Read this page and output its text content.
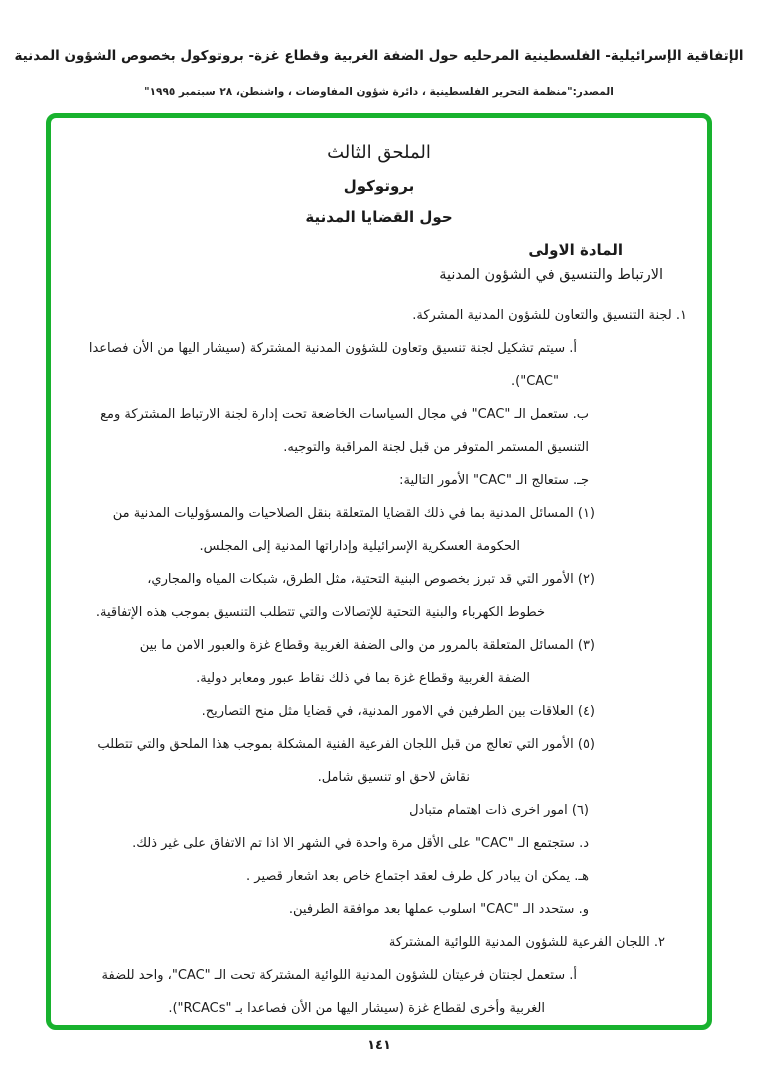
الإتفاقية الإسرائيلية- الفلسطينية المرحليه حول الضفة الغربية وقطاع غزة- بروتوكول بخصوص الشؤون المدنية
المصدر:"منظمة التحرير الفلسطينية ، دائرة شؤون المفاوضات ، واشنطن، ٢٨ سبتمبر ١٩٩٥"
الملحق الثالث
بروتوكول
حول القضايا المدنية
المادة الاولى
الارتباط والتنسيق في الشؤون المدنية
١. لجنة التنسيق والتعاون للشؤون المدنية المشركة.
أ. سيتم تشكيل لجنة تنسيق وتعاون للشؤون المدنية المشتركة (سيشار اليها من الأن فصاعدا
"CAC").
ب. ستعمل الـ "CAC" في مجال السياسات الخاضعة تحت إدارة لجنة الارتباط المشتركة ومع
التنسيق المستمر المتوفر من قبل لجنة المراقبة والتوجيه.
جـ. ستعالج الـ "CAC" الأمور التالية:
(١) المسائل المدنية بما في ذلك القضايا المتعلقة بنقل الصلاحيات والمسؤوليات المدنية من
الحكومة العسكرية الإسرائيلية وإداراتها المدنية إلى المجلس.
(٢) الأمور التي قد تبرز بخصوص البنية التحتية، مثل الطرق، شبكات المياه والمجاري،
خطوط الكهرباء والبنية التحتية للإتصالات والتي تتطلب التنسيق بموجب هذه الإتفاقية.
(٣) المسائل المتعلقة بالمرور من والى الضفة الغربية وقطاع غزة والعبور الامن ما بين
الضفة الغربية وقطاع غزة بما في ذلك نقاط عبور ومعابر دولية.
(٤) العلاقات بين الطرفين في الامور المدنية، في قضايا مثل منح التصاريح.
(٥) الأمور التي تعالج من قبل اللجان الفرعية الفنية المشكلة بموجب هذا الملحق والتي تتطلب
نقاش لاحق او تنسيق شامل.
(٦) امور اخرى ذات اهتمام متبادل
د. ستجتمع الـ "CAC" على الأقل مرة واحدة في الشهر الا اذا تم الاتفاق على غير ذلك.
هـ. يمكن ان يبادر كل طرف لعقد اجتماع خاص بعد اشعار قصير .
و. ستحدد الـ "CAC" اسلوب عملها بعد موافقة الطرفين.
٢. اللجان الفرعية للشؤون المدنية اللوائية المشتركة
أ. ستعمل لجنتان فرعيتان للشؤون المدنية اللوائية المشتركة تحت الـ "CAC"، واحد للضفة
الغربية وأخرى لقطاع غزة (سيشار اليها من الأن فصاعدا بـ "RCACs").
١٤١
